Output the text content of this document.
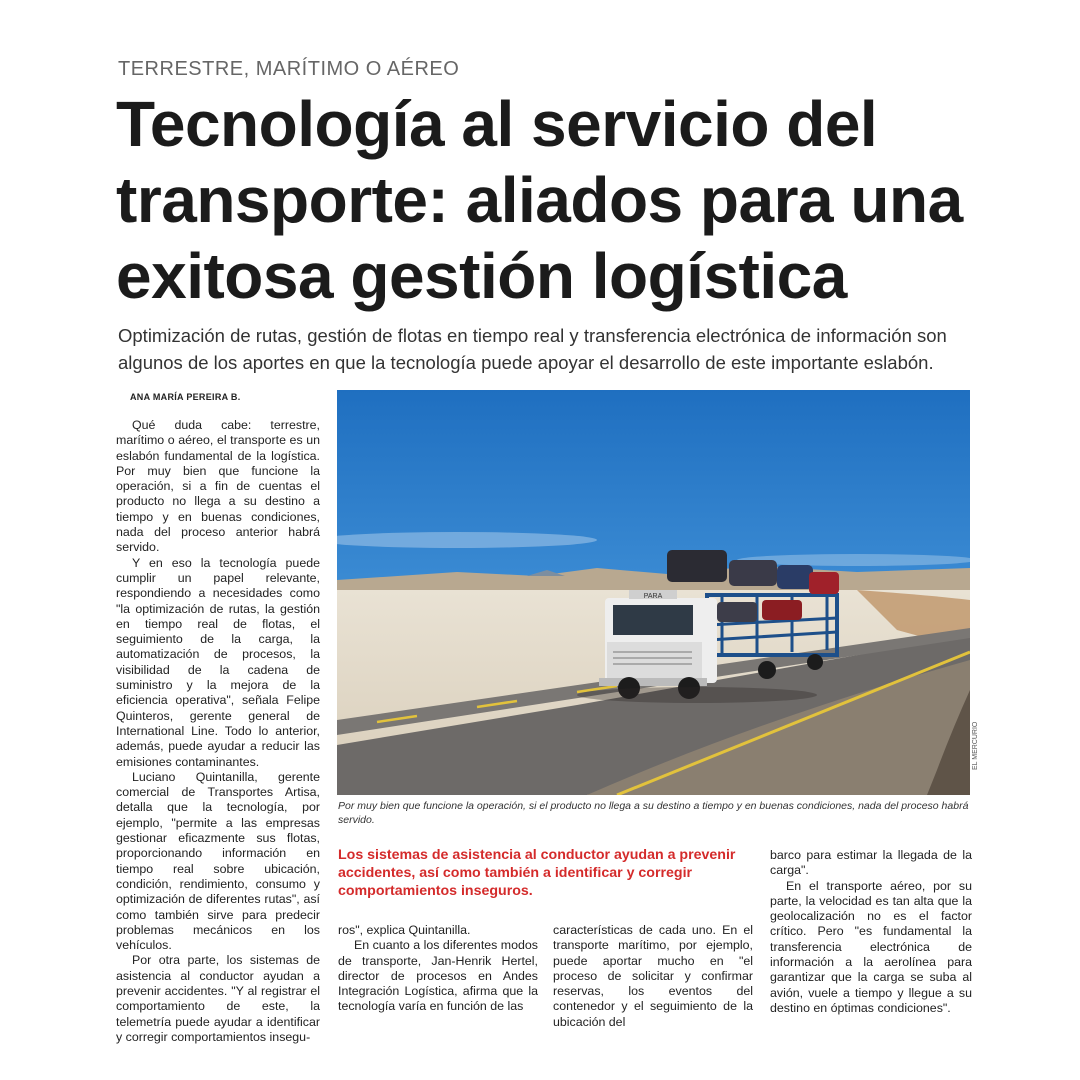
TERRESTRE, MARÍTIMO O AÉREO
Tecnología al servicio del transporte: aliados para una exitosa gestión logística
Optimización de rutas, gestión de flotas en tiempo real y transferencia electrónica de información son algunos de los aportes en que la tecnología puede apoyar el desarrollo de este importante eslabón.
ANA MARÍA PEREIRA B.

Qué duda cabe: terrestre, marítimo o aéreo, el transporte es un eslabón fundamental de la logística. Por muy bien que funcione la operación, si a fin de cuentas el producto no llega a su destino a tiempo y en buenas condiciones, nada del proceso anterior habrá servido.

Y en eso la tecnología puede cumplir un papel relevante, respondiendo a necesidades como "la optimización de rutas, la gestión en tiempo real de flotas, el seguimiento de la carga, la automatización de procesos, la visibilidad de la cadena de suministro y la mejora de la eficiencia operativa", señala Felipe Quinteros, gerente general de International Line. Todo lo anterior, además, puede ayudar a reducir las emisiones contaminantes.

Luciano Quintanilla, gerente comercial de Transportes Artisa, detalla que la tecnología, por ejemplo, "permite a las empresas gestionar eficazmente sus flotas, proporcionando información en tiempo real sobre ubicación, condición, rendimiento, consumo y optimización de diferentes rutas", así como también sirve para predecir problemas mecánicos en los vehículos.

Por otra parte, los sistemas de asistencia al conductor ayudan a prevenir accidentes. "Y al registrar el comportamiento de este, la telemetría puede ayudar a identificar y corregir comportamientos insegu-

PARA
EL MERCURIO
Por muy bien que funcione la operación, si el producto no llega a su destino a tiempo y en buenas condiciones, nada del proceso habrá servido.
Los sistemas de asistencia al conductor ayudan a prevenir accidentes, así como también a identificar y corregir comportamientos inseguros.

ros", explica Quintanilla.

En cuanto a los diferentes modos de transporte, Jan-Henrik Hertel, director de procesos en Andes Integración Logística, afirma que la tecnología varía en función de las

características de cada uno. En el transporte marítimo, por ejemplo, puede aportar mucho en "el proceso de solicitar y confirmar reservas, los eventos del contenedor y el seguimiento de la ubicación del

barco para estimar la llegada de la carga".

En el transporte aéreo, por su parte, la velocidad es tan alta que la geolocalización no es el factor crítico. Pero "es fundamental la transferencia electrónica de información a la aerolínea para garantizar que la carga se suba al avión, vuele a tiempo y llegue a su destino en óptimas condiciones".
